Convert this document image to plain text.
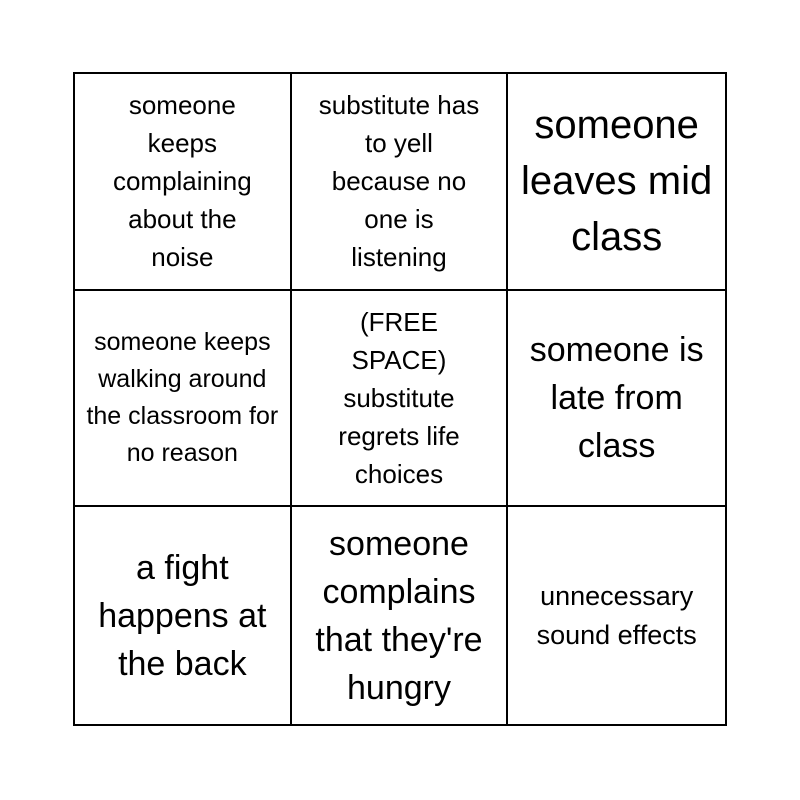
someone keeps complaining about the noise
substitute has to yell because no one is listening
someone leaves mid class
someone keeps walking around the classroom for no reason
(FREE SPACE) substitute regrets life choices
someone is late from class
a fight happens at the back
someone complains that they're hungry
unnecessary sound effects
